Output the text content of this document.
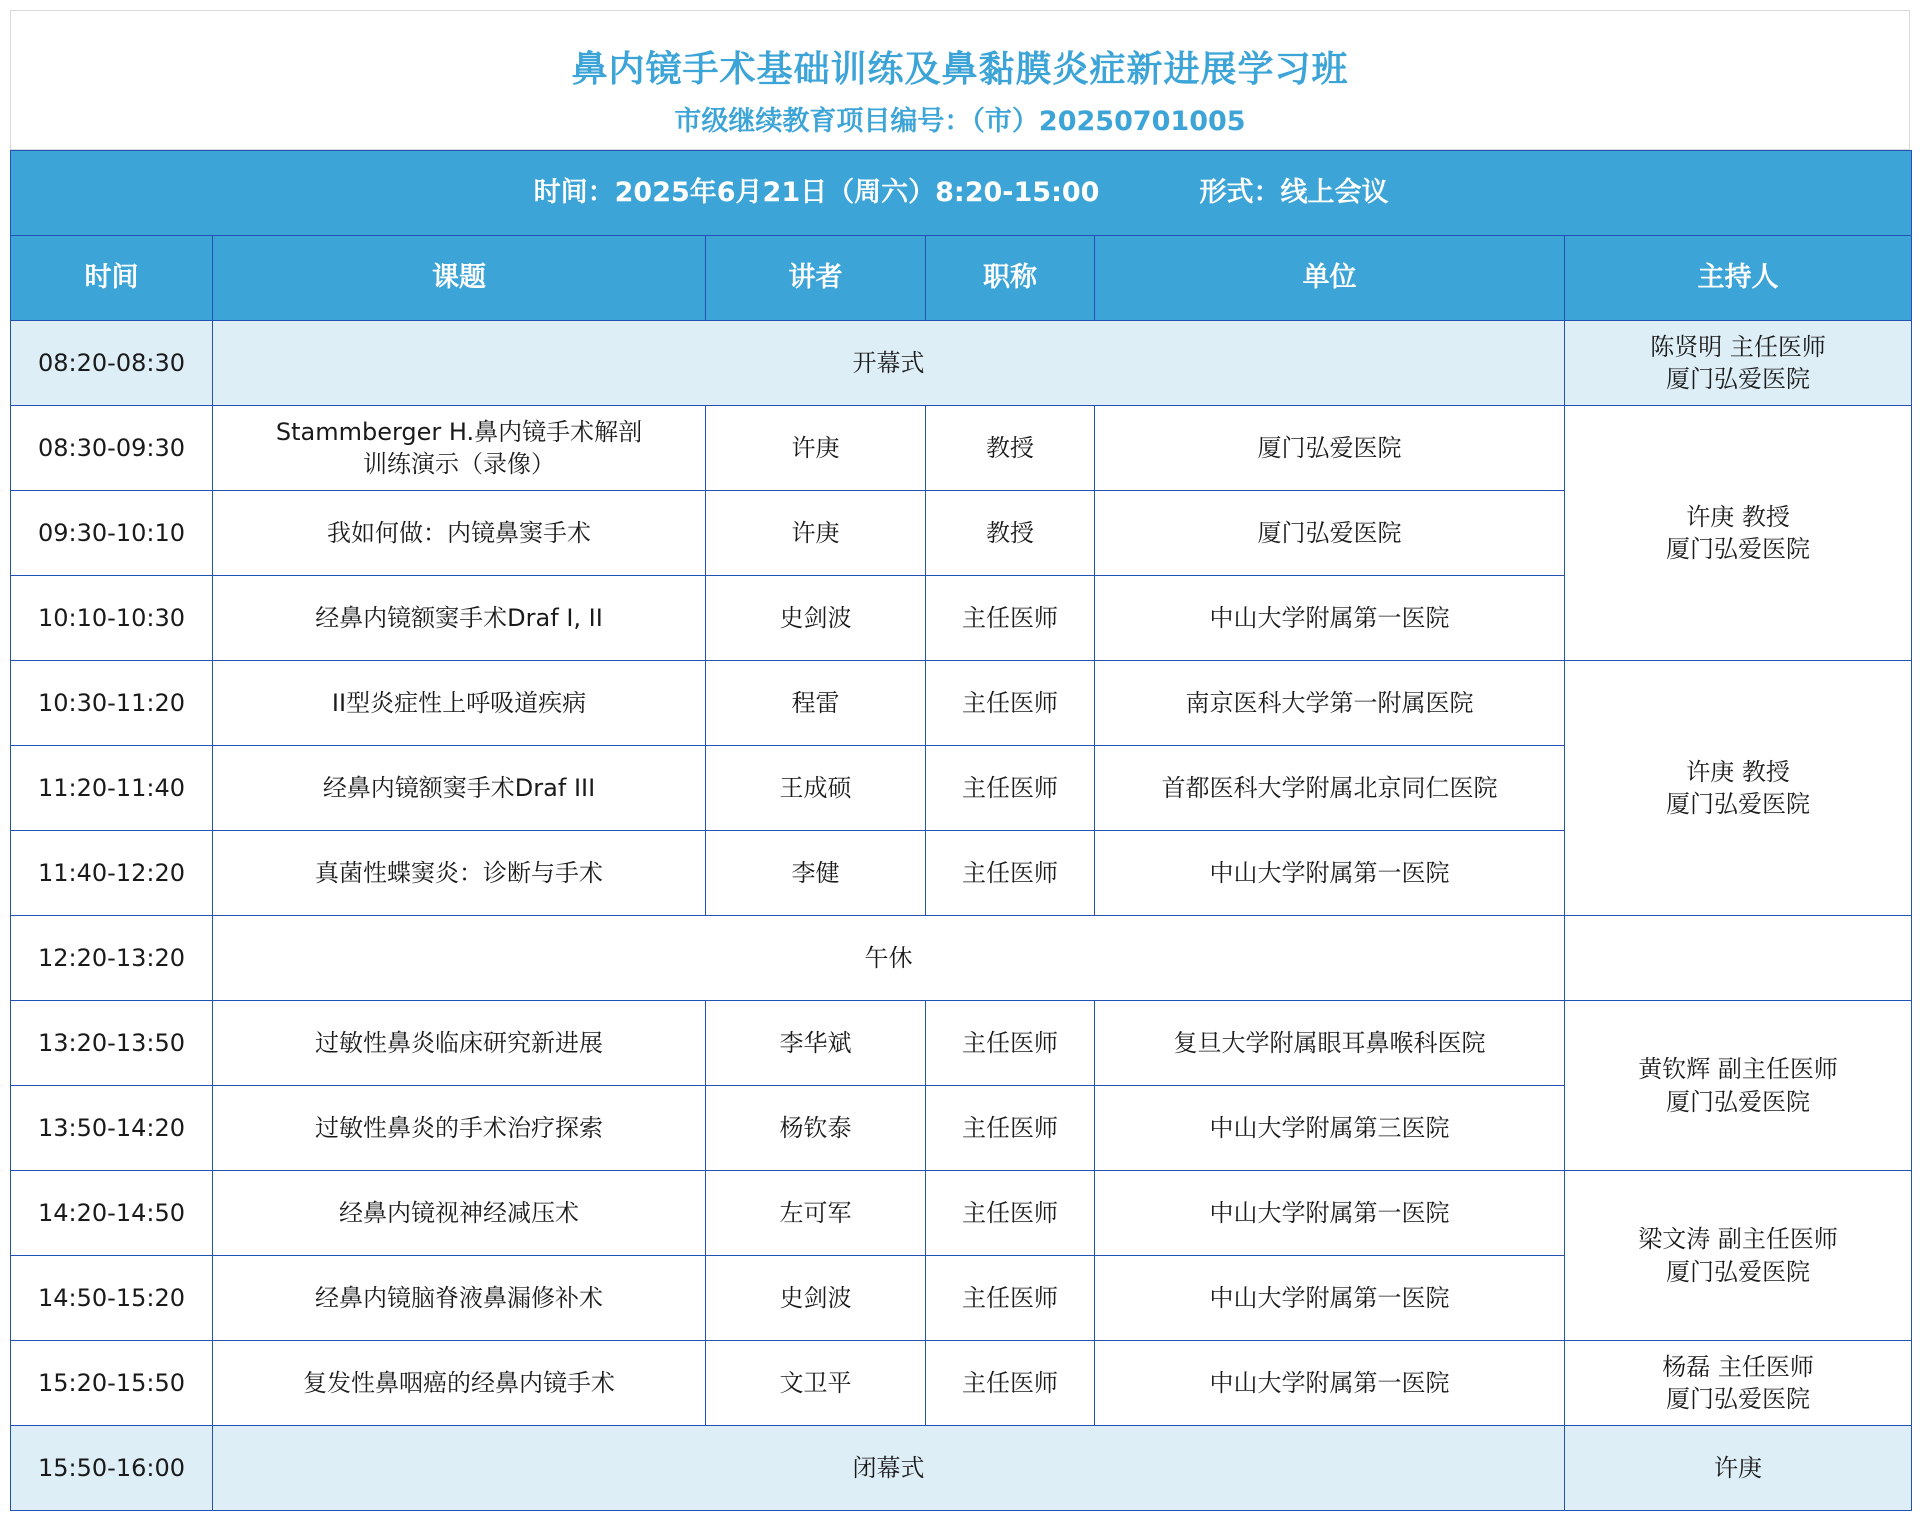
鼻内镜手术基础训练及鼻黏膜炎症新进展学习班
市级继续教育项目编号：（市）20250701005
时间：2025年6月21日（周六）8:20-15:00 形式：线上会议					
时间	课题	讲者	职称	单位	主持人
08:20-08:30	开幕式				陈贤明 主任医师
厦门弘爱医院

08:30-09:30	Stammberger H.鼻内镜手术解剖
训练演示（录像）	许庚	教授	厦门弘爱医院	许庚 教授
厦门弘爱医院

09:30-10:10	我如何做：内镜鼻窦手术	许庚	教授	厦门弘爱医院	
10:10-10:30	经鼻内镜额窦手术Draf I, II	史剑波	主任医师	中山大学附属第一医院	
10:30-11:20	II型炎症性上呼吸道疾病	程雷	主任医师	南京医科大学第一附属医院	许庚 教授
厦门弘爱医院

11:20-11:40	经鼻内镜额窦手术Draf III	王成硕	主任医师	首都医科大学附属北京同仁医院	
11:40-12:20	真菌性蝶窦炎：诊断与手术	李健	主任医师	中山大学附属第一医院	
12:20-13:20	午休				
13:20-13:50	过敏性鼻炎临床研究新进展	李华斌	主任医师	复旦大学附属眼耳鼻喉科医院	黄钦辉 副主任医师
厦门弘爱医院

13:50-14:20	过敏性鼻炎的手术治疗探索	杨钦泰	主任医师	中山大学附属第三医院	
14:20-14:50	经鼻内镜视神经减压术	左可军	主任医师	中山大学附属第一医院	梁文涛 副主任医师
厦门弘爱医院

14:50-15:20	经鼻内镜脑脊液鼻漏修补术	史剑波	主任医师	中山大学附属第一医院	
15:20-15:50	复发性鼻咽癌的经鼻内镜手术	文卫平	主任医师	中山大学附属第一医院	杨磊 主任医师
厦门弘爱医院

15:50-16:00	闭幕式				许庚
